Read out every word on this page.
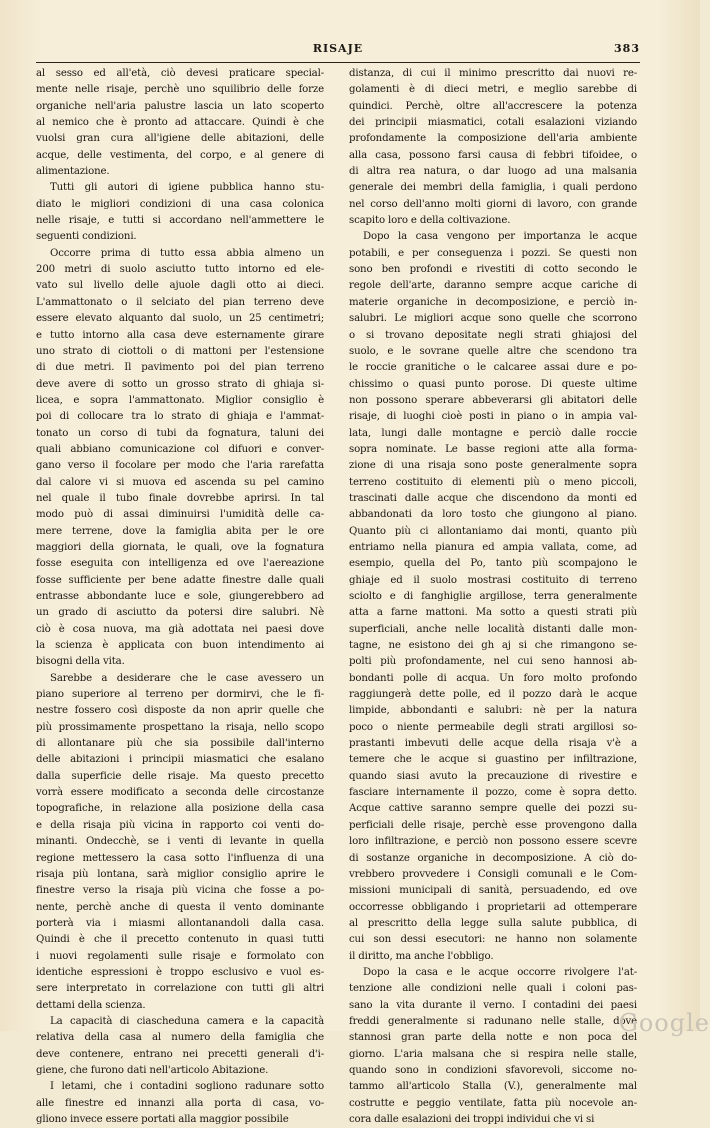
RISAJE	383

al sesso ed all'età, ciò devesi praticare special-
mente nelle risaje, perchè uno squilibrio delle forze
organiche nell'aria palustre lascia un lato scoperto
al nemico che è pronto ad attaccare. Quindi è che
vuolsi gran cura all'igiene delle abitazioni, delle
acque, delle vestimenta, del corpo, e al genere di
alimentazione.

Tutti gli autori di igiene pubblica hanno stu-
diato le migliori condizioni di una casa colonica
nelle risaje, e tutti si accordano nell'ammettere le
seguenti condizioni.

Occorre prima di tutto essa abbia almeno un
200 metri di suolo asciutto tutto intorno ed ele-
vato sul livello delle ajuole dagli otto ai dieci.
L'ammattonato o il selciato del pian terreno deve
essere elevato alquanto dal suolo, un 25 centimetri;
e tutto intorno alla casa deve esternamente girare
uno strato di ciottoli o di mattoni per l'estensione
di due metri. Il pavimento poi del pian terreno
deve avere di sotto un grosso strato di ghiaja si-
licea, e sopra l'ammattonato. Miglior consiglio è
poi di collocare tra lo strato di ghiaja e l'ammat-
tonato un corso di tubi da fognatura, taluni dei
quali abbiano comunicazione col difuori e conver-
gano verso il focolare per modo che l'aria rarefatta
dal calore vi si muova ed ascenda su pel camino
nel quale il tubo finale dovrebbe aprirsi. In tal
modo può di assai diminuirsi l'umidità delle ca-
mere terrene, dove la famiglia abita per le ore
maggiori della giornata, le quali, ove la fognatura
fosse eseguita con intelligenza ed ove l'aereazione
fosse sufficiente per bene adatte finestre dalle quali
entrasse abbondante luce e sole, giungerebbero ad
un grado di asciutto da potersi dire salubri. Nè
ciò è cosa nuova, ma già adottata nei paesi dove
la scienza è applicata con buon intendimento ai
bisogni della vita.

Sarebbe a desiderare che le case avessero un
piano superiore al terreno per dormirvi, che le fi-
nestre fossero così disposte da non aprir quelle che
più prossimamente prospettano la risaja, nello scopo
di allontanare più che sia possibile dall'interno
delle abitazioni i principii miasmatici che esalano
dalla superficie delle risaje. Ma questo precetto
vorrà essere modificato a seconda delle circostanze
topografiche, in relazione alla posizione della casa
e della risaja più vicina in rapporto coi venti do-
minanti. Ondecchè, se i venti di levante in quella
regione mettessero la casa sotto l'influenza di una
risaja più lontana, sarà miglior consiglio aprire le
finestre verso la risaja più vicina che fosse a po-
nente, perchè anche di questa il vento dominante
porterà via i miasmi allontanandoli dalla casa.
Quindi è che il precetto contenuto in quasi tutti
i nuovi regolamenti sulle risaje e formolato con
identiche espressioni è troppo esclusivo e vuol es-
sere interpretato in correlazione con tutti gli altri
dettami della scienza.

La capacità di ciascheduna camera e la capacità
relativa della casa al numero della famiglia che
deve contenere, entrano nei precetti generali d'i-
giene, che furono dati nell'articolo Abitazione.

I letami, che i contadini sogliono radunare sotto
alle finestre ed innanzi alla porta di casa, vo-
gliono invece essere portati alla maggior possibile

distanza, di cui il minimo prescritto dai nuovi re-
golamenti è di dieci metri, e meglio sarebbe di
quindici. Perchè, oltre all'accrescere la potenza
dei principii miasmatici, cotali esalazioni viziando
profondamente la composizione dell'aria ambiente
alla casa, possono farsi causa di febbri tifoidee, o
di altra rea natura, o dar luogo ad una malsania
generale dei membri della famiglia, i quali perdono
nel corso dell'anno molti giorni di lavoro, con grande
scapito loro e della coltivazione.

Dopo la casa vengono per importanza le acque
potabili, e per conseguenza i pozzi. Se questi non
sono ben profondi e rivestiti di cotto secondo le
regole dell'arte, daranno sempre acque cariche di
materie organiche in decomposizione, e perciò in-
salubri. Le migliori acque sono quelle che scorrono
o si trovano depositate negli strati ghiajosi del
suolo, e le sovrane quelle altre che scendono tra
le roccie granitiche o le calcaree assai dure e po-
chissimo o quasi punto porose. Di queste ultime
non possono sperare abbeverarsi gli abitatori delle
risaje, di luoghi cioè posti in piano o in ampia val-
lata, lungi dalle montagne e perciò dalle roccie
sopra nominate. Le basse regioni atte alla forma-
zione di una risaja sono poste generalmente sopra
terreno costituito di elementi più o meno piccoli,
trascinati dalle acque che discendono da monti ed
abbandonati da loro tosto che giungono al piano.
Quanto più ci allontaniamo dai monti, quanto più
entriamo nella pianura ed ampia vallata, come, ad
esempio, quella del Po, tanto più scompajono le
ghiaje ed il suolo mostrasi costituito di terreno
sciolto e di fanghiglie argillose, terra generalmente
atta a farne mattoni. Ma sotto a questi strati più
superficiali, anche nelle località distanti dalle mon-
tagne, ne esistono dei gh aj si che rimangono se-
polti più profondamente, nel cui seno hannosi ab-
bondanti polle di acqua. Un foro molto profondo
raggiungerà dette polle, ed il pozzo darà le acque
limpide, abbondanti e salubri: nè per la natura
poco o niente permeabile degli strati argillosi so-
prastanti imbevuti delle acque della risaja v'è a
temere che le acque si guastino per infiltrazione,
quando siasi avuto la precauzione di rivestire e
fasciare internamente il pozzo, come è sopra detto.
Acque cattive saranno sempre quelle dei pozzi su-
perficiali delle risaje, perchè esse provengono dalla
loro infiltrazione, e perciò non possono essere scevre
di sostanze organiche in decomposizione. A ciò do-
vrebbero provvedere i Consigli comunali e le Com-
missioni municipali di sanità, persuadendo, ed ove
occorresse obbligando i proprietarii ad ottemperare
al prescritto della legge sulla salute pubblica, di
cui son dessi esecutori: ne hanno non solamente
il diritto, ma anche l'obbligo.

Dopo la casa e le acque occorre rivolgere l'at-
tenzione alle condizioni nelle quali i coloni pas-
sano la vita durante il verno. I contadini dei paesi
freddi generalmente si radunano nelle stalle, dove
stannosi gran parte della notte e non poca del
giorno. L'aria malsana che si respira nelle stalle,
quando sono in condizioni sfavorevoli, siccome no-
tammo all'articolo Stalla (V.), generalmente mal
costrutte e peggio ventilate, fatta più nocevole an-
cora dalle esalazioni dei troppi individui che vi si

Google
